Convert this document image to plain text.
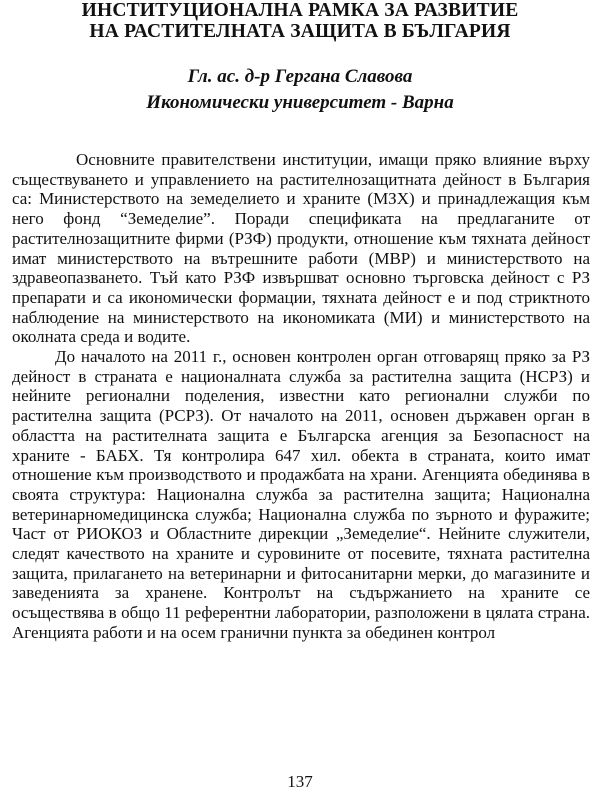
ИНСТИТУЦИОНАЛНА РАМКА ЗА РАЗВИТИЕ
НА РАСТИТЕЛНАТА ЗАЩИТА В БЪЛГАРИЯ
Гл. ас. д-р Гергана Славова
Икономически университет - Варна

Основните правителствени институции, имащи пряко влияние върху съществуването и управлението на растителнозащитната дейност в България са: Министерството на земеделието и храните (МЗХ) и принадлежащия към него фонд “Земеделие”. Поради спецификата на предлаганите от растителнозащитните фирми (РЗФ) продукти, отношение към тяхната дейност имат министерството на вътрешните работи (МВР) и министерството на здравеопазването. Тъй като РЗФ извършват основно търговска дейност с РЗ препарати и са икономически формации, тяхната дейност е и под стриктното наблюдение на министерството на икономиката (МИ) и министерството на околната среда и водите.

До началото на 2011 г., основен контролен орган отговарящ пряко за РЗ дейност в страната е националната служба за растителна защита (НСРЗ) и нейните регионални поделения, известни като регионални служби по растителна защита (РСРЗ). От началото на 2011, основен държавен орган в областта на растителната защита е Българска агенция за Безопасност на храните - БАБХ. Тя контролира 647 хил. обекта в страната, които имат отношение към производството и продажбата на храни. Агенцията обединява в своята структура: Национална служба за растителна защита; Национална ветеринарномедицинска служба; Национална служба по зърното и фуражите; Част от РИОКОЗ и Областните дирекции „Земеделие“. Нейните служители, следят качеството на храните и суровините от посевите, тяхната растителна защита, прилагането на ветеринарни и фитосанитарни мерки, до магазините и заведенията за хранене. Контролът на съдържанието на храните се осъществява в общо 11 референтни лаборатории, разположени в цялата страна. Агенцията работи и на осем гранични пункта за обединен контрол

137
